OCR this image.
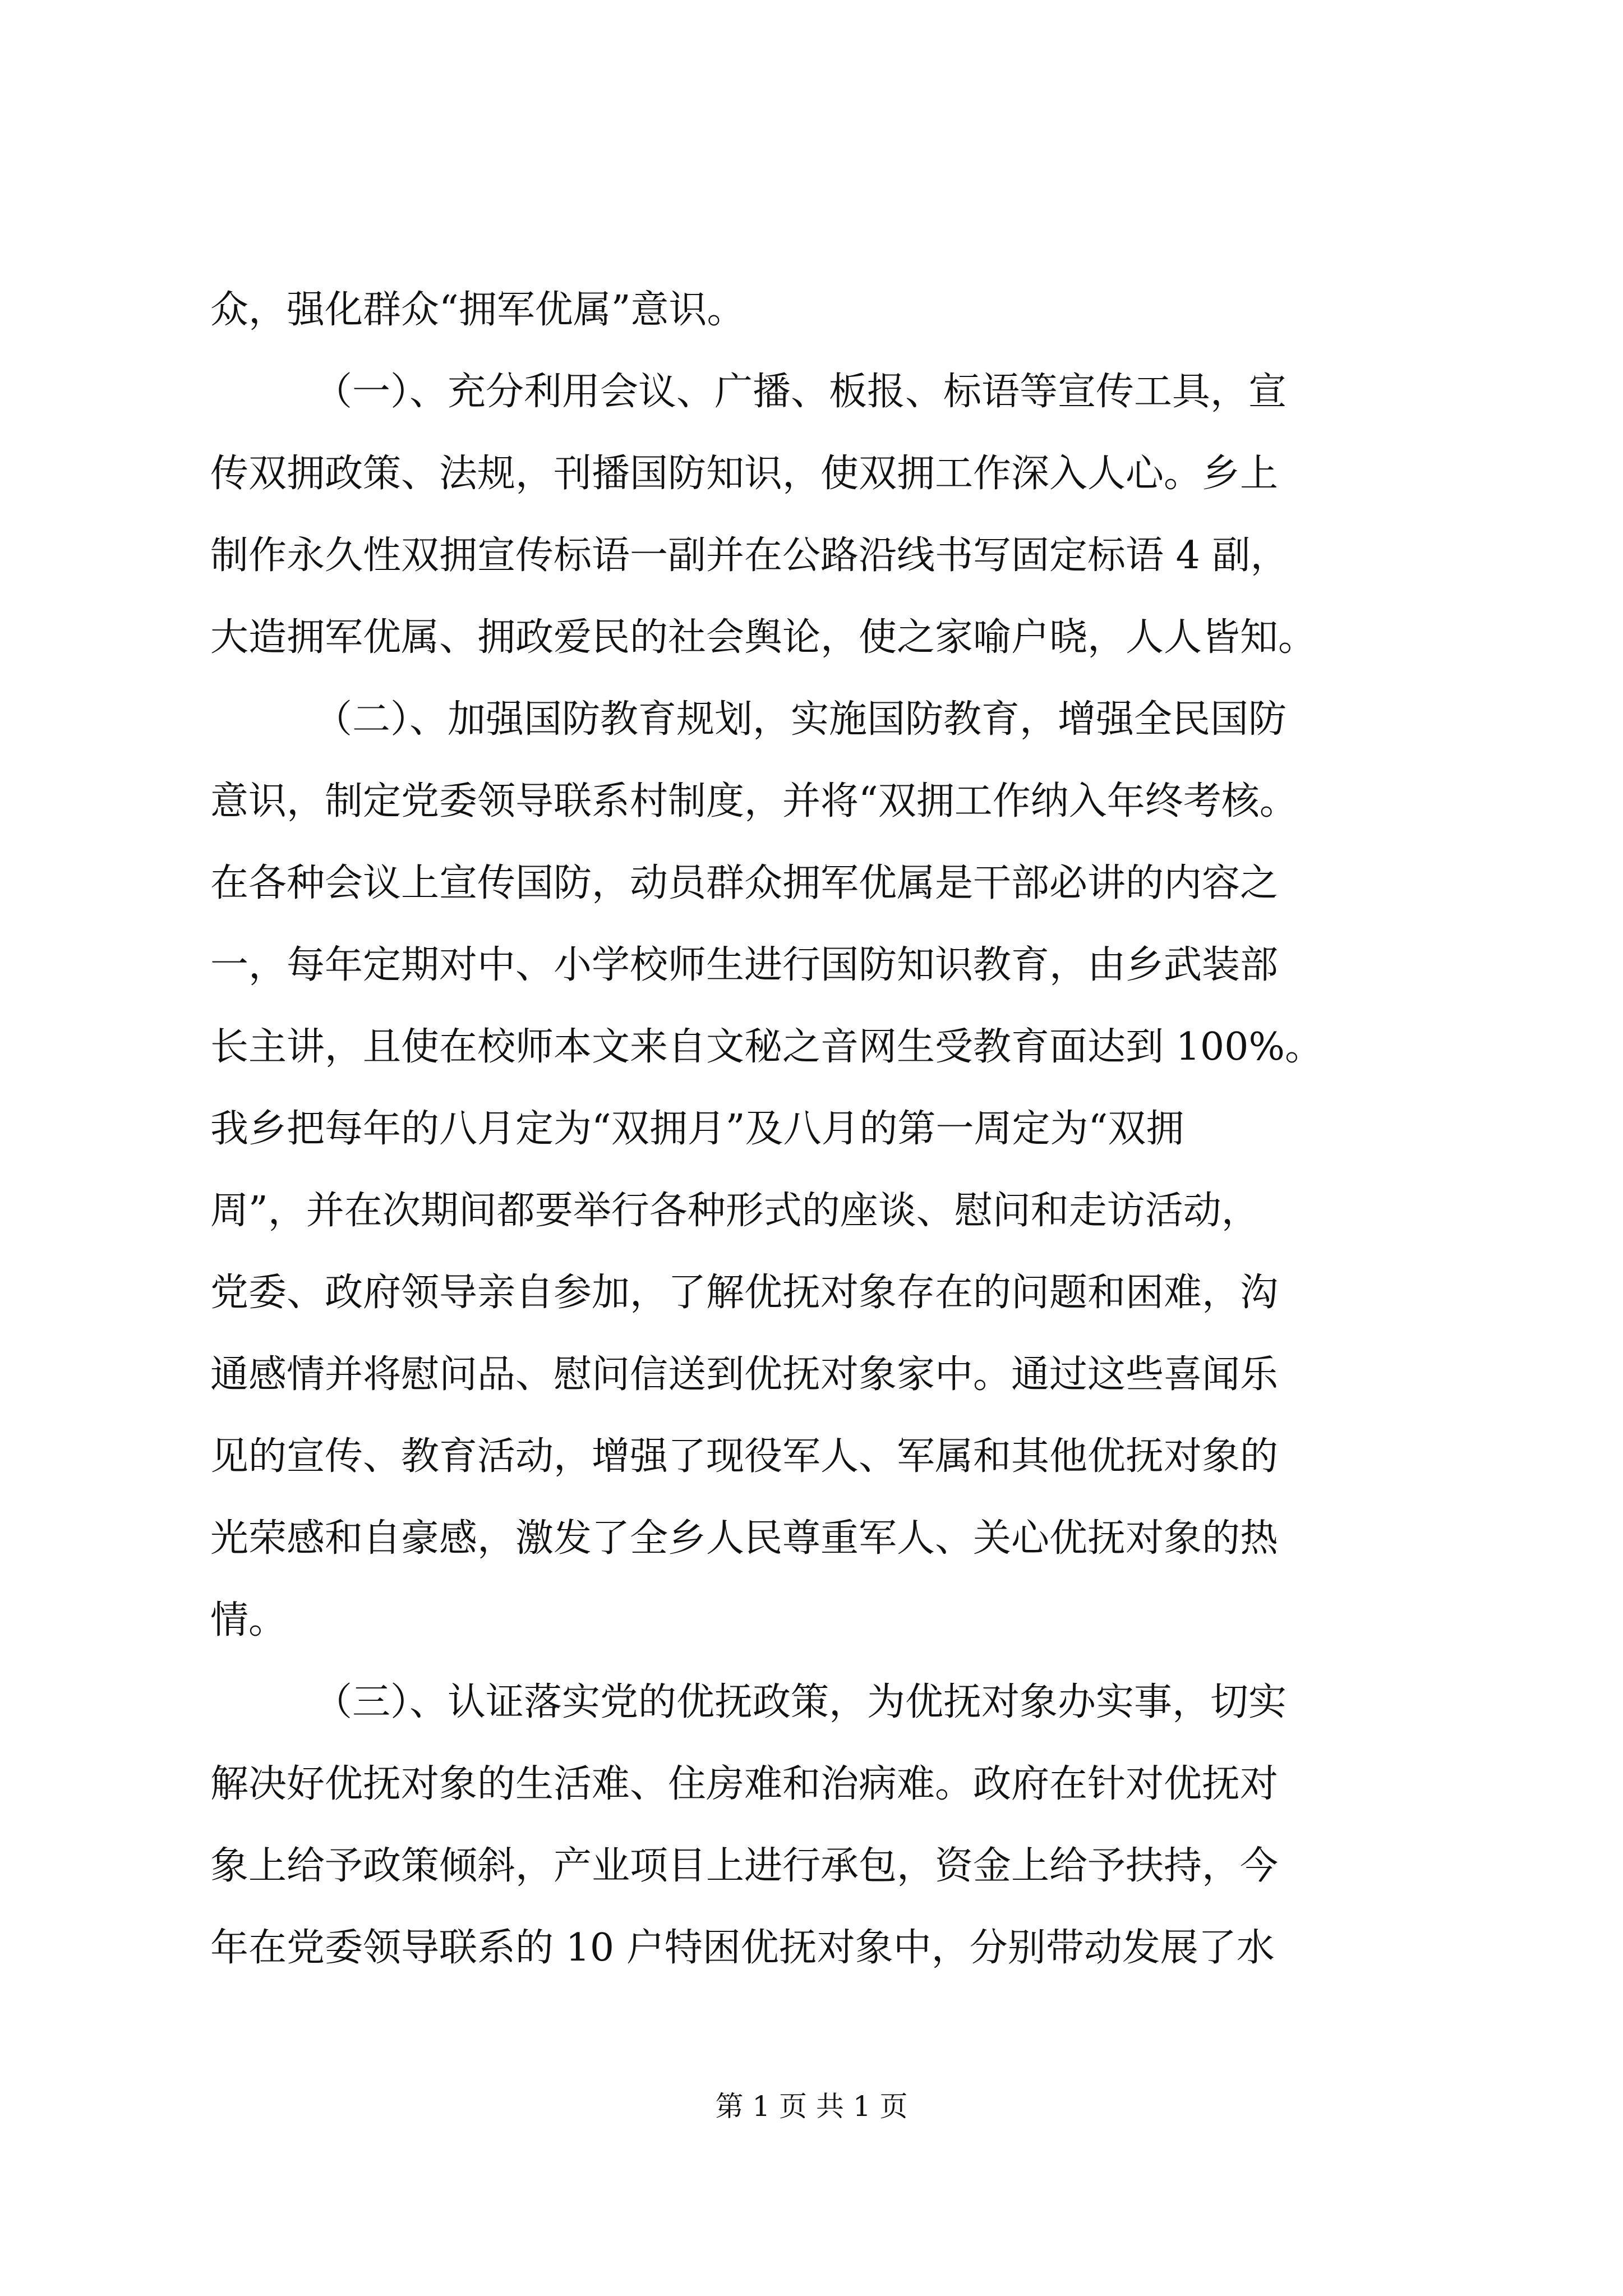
众，强化群众“拥军优属”意识。
（一）、充分利用会议、广播、板报、标语等宣传工具，宣
传双拥政策、法规，刊播国防知识，使双拥工作深入人心。乡上
制作永久性双拥宣传标语一副并在公路沿线书写固定标语 4 副，
大造拥军优属、拥政爱民的社会舆论，使之家喻户晓，人人皆知。
（二）、加强国防教育规划，实施国防教育，增强全民国防
意识，制定党委领导联系村制度，并将“双拥工作纳入年终考核。
在各种会议上宣传国防，动员群众拥军优属是干部必讲的内容之
一，每年定期对中、小学校师生进行国防知识教育，由乡武装部
长主讲，且使在校师本文来自文秘之音网生受教育面达到 100%。
我乡把每年的八月定为“双拥月”及八月的第一周定为“双拥
周”，并在次期间都要举行各种形式的座谈、慰问和走访活动，
党委、政府领导亲自参加，了解优抚对象存在的问题和困难，沟
通感情并将慰问品、慰问信送到优抚对象家中。通过这些喜闻乐
见的宣传、教育活动，增强了现役军人、军属和其他优抚对象的
光荣感和自豪感，激发了全乡人民尊重军人、关心优抚对象的热
情。
（三）、认证落实党的优抚政策，为优抚对象办实事，切实
解决好优抚对象的生活难、住房难和治病难。政府在针对优抚对
象上给予政策倾斜，产业项目上进行承包，资金上给予扶持，今
年在党委领导联系的 10 户特困优抚对象中，分别带动发展了水
第 1 页 共 1 页
